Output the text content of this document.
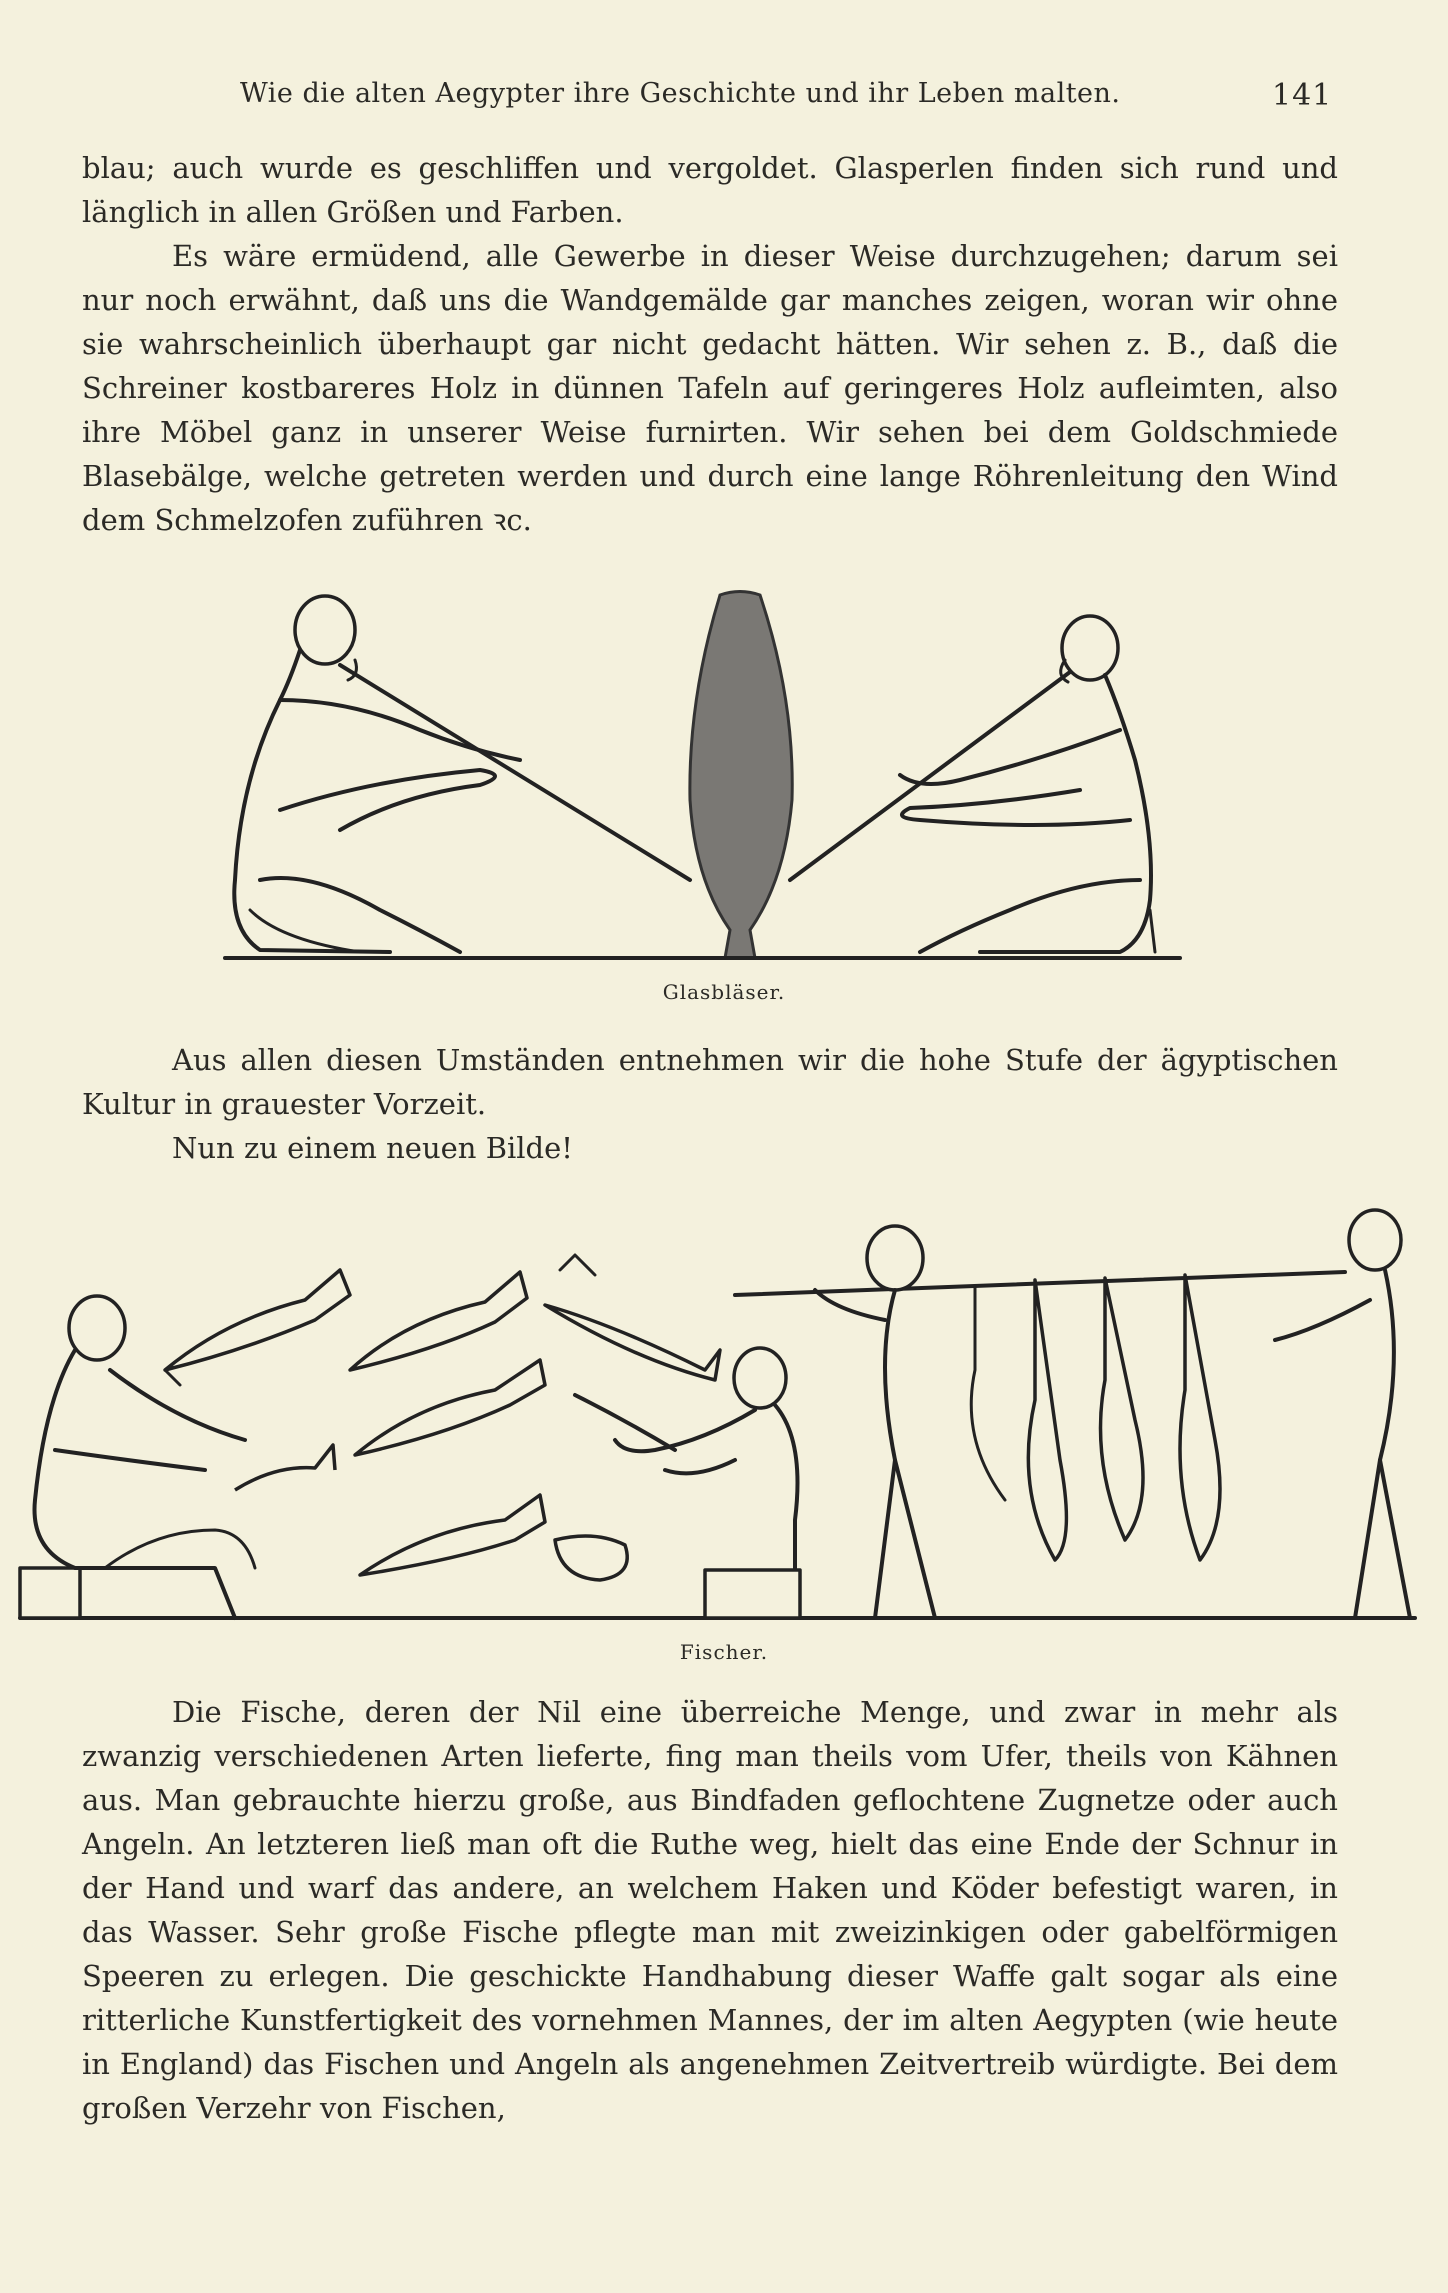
Wie die alten Aegypter ihre Geschichte und ihr Leben malten.	141

blau; auch wurde es geschliffen und vergoldet. Glasperlen finden sich rund und länglich in allen Größen und Farben.

Es wäre ermüdend, alle Gewerbe in dieser Weise durchzugehen; darum sei nur noch erwähnt, daß uns die Wandgemälde gar manches zeigen, woran wir ohne sie wahrscheinlich überhaupt gar nicht gedacht hätten. Wir sehen z. B., daß die Schreiner kostbareres Holz in dünnen Tafeln auf geringeres Holz aufleimten, also ihre Möbel ganz in unserer Weise furnirten. Wir sehen bei dem Goldschmiede Blasebälge, welche getreten werden und durch eine lange Röhrenleitung den Wind dem Schmelzofen zuführen ꝛc.

Glasbläser.

Aus allen diesen Umständen entnehmen wir die hohe Stufe der ägyptischen Kultur in grauester Vorzeit.

Nun zu einem neuen Bilde!

Fischer.

Die Fische, deren der Nil eine überreiche Menge, und zwar in mehr als zwanzig verschiedenen Arten lieferte, fing man theils vom Ufer, theils von Kähnen aus. Man gebrauchte hierzu große, aus Bindfaden geflochtene Zugnetze oder auch Angeln. An letzteren ließ man oft die Ruthe weg, hielt das eine Ende der Schnur in der Hand und warf das andere, an welchem Haken und Köder befestigt waren, in das Wasser. Sehr große Fische pflegte man mit zweizinkigen oder gabelförmigen Speeren zu erlegen. Die geschickte Handhabung dieser Waffe galt sogar als eine ritterliche Kunstfertigkeit des vornehmen Mannes, der im alten Aegypten (wie heute in England) das Fischen und Angeln als angenehmen Zeitvertreib würdigte. Bei dem großen Verzehr von Fischen,
